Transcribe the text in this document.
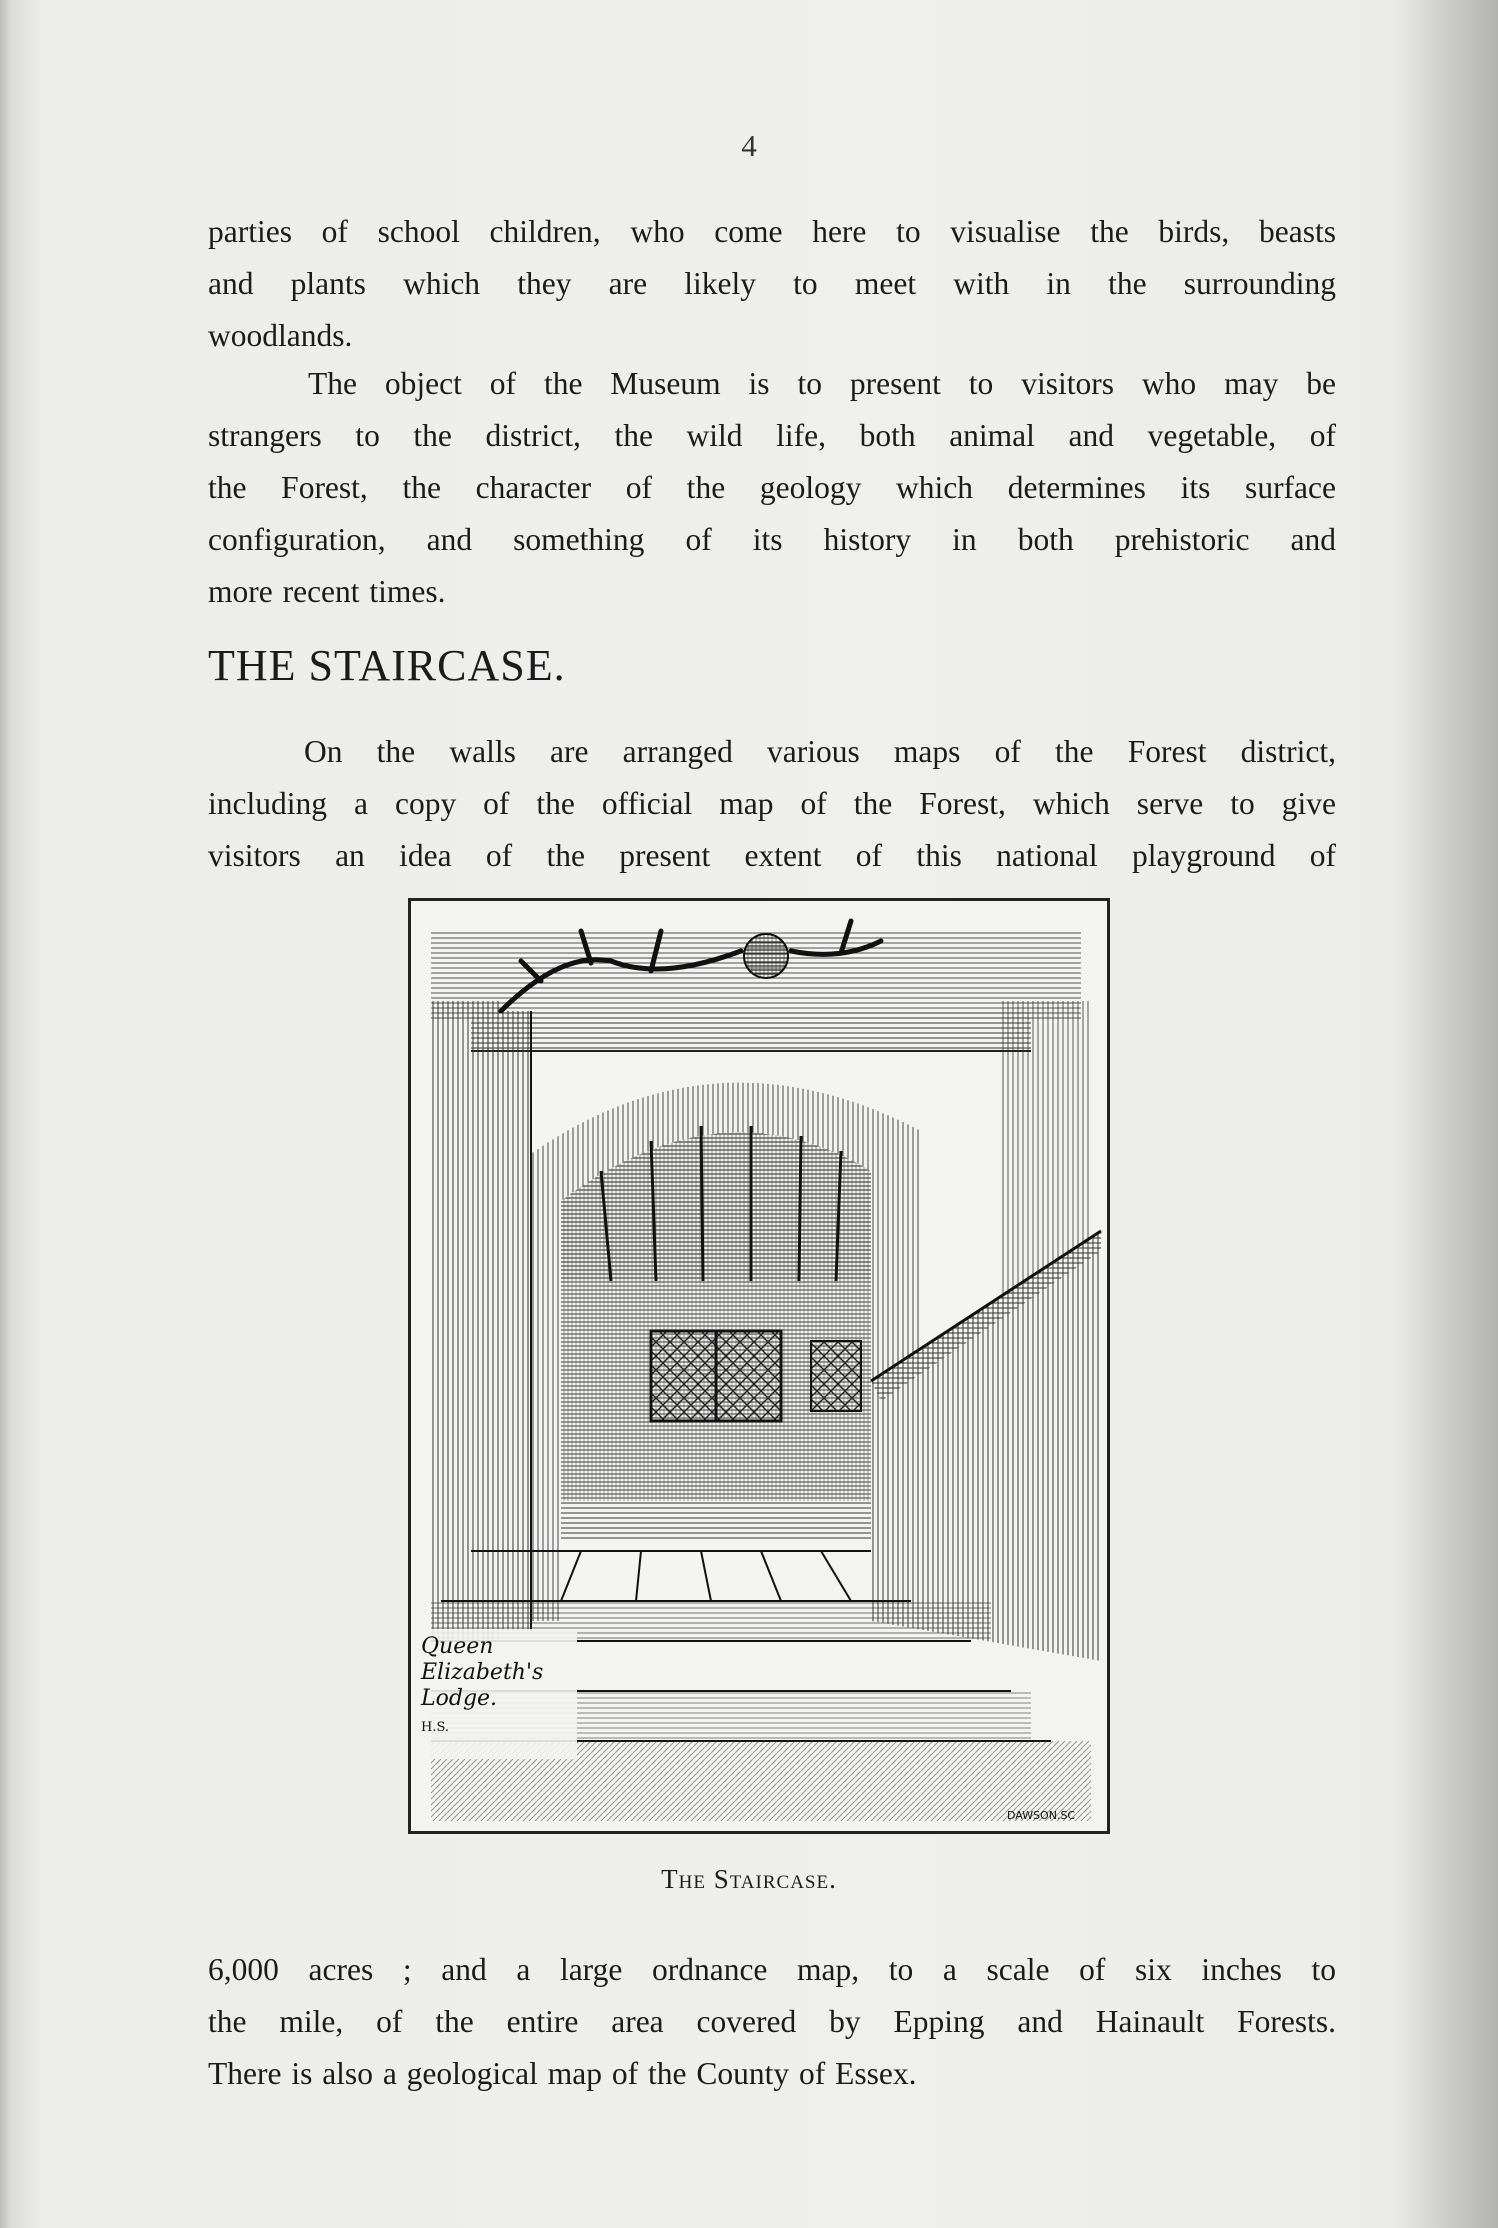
4
parties of school children, who come here to visualise the birds, beasts
and plants which they are likely to meet with in the surrounding
woodlands.
The object of the Museum is to present to visitors who may be
strangers to the district, the wild life, both animal and vegetable, of
the Forest, the character of the geology which determines its surface
configuration, and something of its history in both prehistoric and
more recent times.
THE STAIRCASE.
On the walls are arranged various maps of the Forest district,
including a copy of the official map of the Forest, which serve to give
visitors an idea of the present extent of this national playground of
Queen
Elizabeth's
Lodge.
H.S.
DAWSON.SC
The Staircase.
6,000 acres ; and a large ordnance map, to a scale of six inches to
the mile, of the entire area covered by Epping and Hainault Forests.
There is also a geological map of the County of Essex.
